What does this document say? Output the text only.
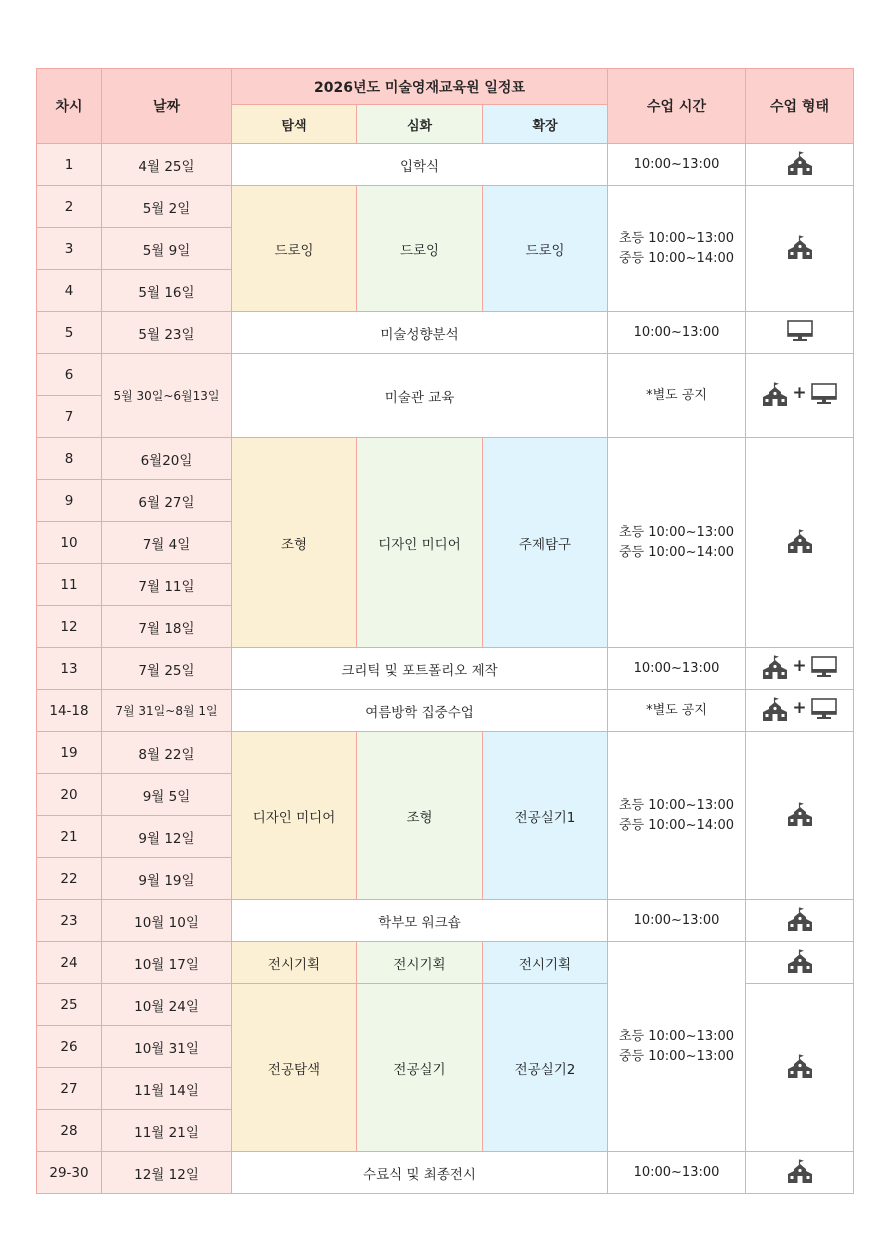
차시	날짜	2026년도 미술영재교육원 일정표			수업 시간	수업 형태
		탐색	심화	확장		
1	4월 25일	입학식			10:00~13:00	

2	5월 2일	드로잉	드로잉	드로잉	초등 10:00~13:00
중등 10:00~14:00

3	5월 9일					
4	5월 16일					
5	5월 23일	미술성향분석			10:00~13:00	

6	5월 30일~6월13일	미술관 교육			*별도 공지	+

7						
8	6월20일	조형	디자인 미디어	주제탐구	초등 10:00~13:00
중등 10:00~14:00

9	6월 27일					
10	7월 4일					
11	7월 11일					
12	7월 18일					
13	7월 25일	크리틱 및 포트폴리오 제작			10:00~13:00	+

14-18	7월 31일~8월 1일	여름방학 집중수업			*별도 공지	+

19	8월 22일	디자인 미디어	조형	전공실기1	초등 10:00~13:00
중등 10:00~14:00

20	9월 5일					
21	9월 12일					
22	9월 19일					
23	10월 10일	학부모 워크숍			10:00~13:00	

24	10월 17일	전시기획	전시기획	전시기획	초등 10:00~13:00
중등 10:00~13:00

25	10월 24일	전공탐색	전공실기	전공실기2	

26	10월 31일					
27	11월 14일					
28	11월 21일					
29-30	12월 12일	수료식 및 최종전시			10:00~13:00	
